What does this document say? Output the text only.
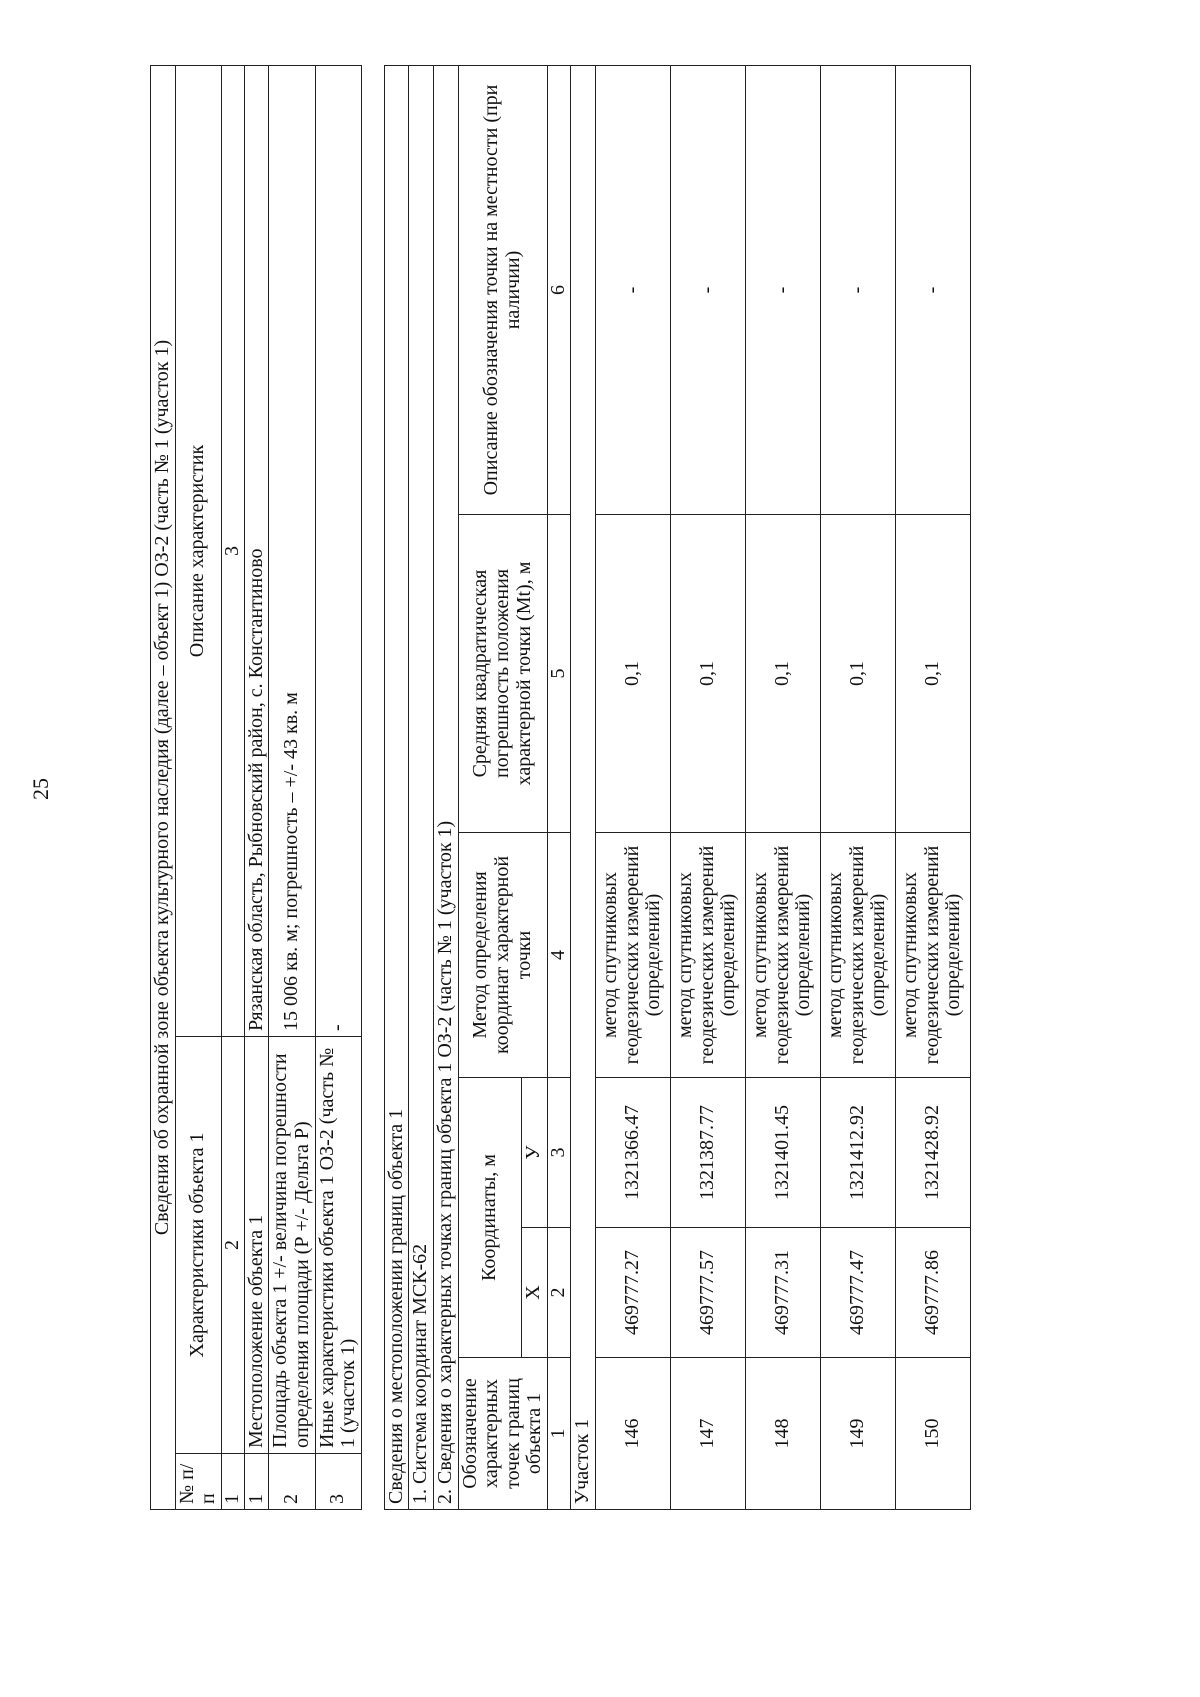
25	Сведения об охранной зоне объекта культурного наследия (далее – объект 1) ОЗ-2 (часть № 1 (участок 1)		
№ п/п	Характеристики объекта 1	Описание характеристик
1	2	3
1	Местоположение объекта 1	Рязанская область, Рыбновский район, с. Константиново
2	Площадь объекта 1 +/- величина погрешности определения площади (Р +/- Дельта Р)	15 006 кв. м; погрешность – +/- 43 кв. м
3	Иные характеристики объекта 1 ОЗ-2 (часть № 1 (участок 1)	-
Сведения о местоположении границ объекта 1					
1. Система координат МСК-62					
2. Сведения о характерных точках границ объекта 1 ОЗ-2 (часть № 1 (участок 1)					
Обозначение характерных точек границ объекта 1	Координаты, м		Метод определения координат характерной точки	Средняя квадратическая погрешность положения характерной точки (Mt), м	Описание обозначения точки на местности (при наличии)
	X	У			
1	2	3	4	5	6
Участок 1					
146	469777.27	1321366.47	метод спутниковых геодезических измерений (определений)	0,1	-
147	469777.57	1321387.77	метод спутниковых геодезических измерений (определений)	0,1	-
148	469777.31	1321401.45	метод спутниковых геодезических измерений (определений)	0,1	-
149	469777.47	1321412.92	метод спутниковых геодезических измерений (определений)	0,1	-
150	469777.86	1321428.92	метод спутниковых геодезических измерений (определений)	0,1	-
